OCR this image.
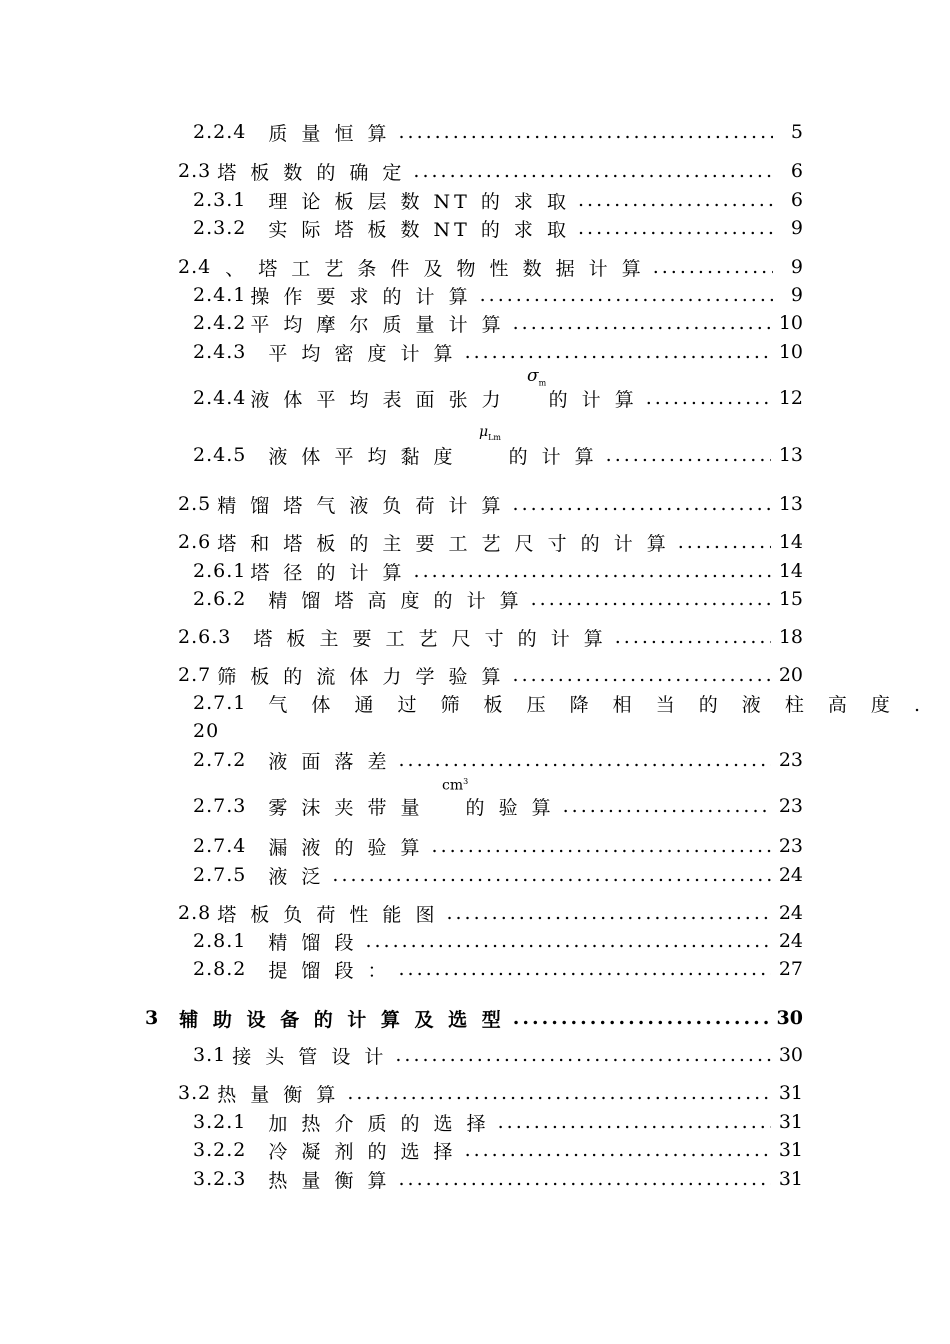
2.2.4 质 量 恒 算 .....	5
2.3 塔 板 数 的 确 定 .....	6
2.3.1 理 论 板 层 数 NT 的 求 取 .....	6
2.3.2 实 际 塔 板 数 NT 的 求 取 .....	9
2.4 、 塔 工 艺 条 件 及 物 性 数 据 计 算 .....	9
2.4.1 操 作 要 求 的 计 算 .....	9
2.4.2 平 均 摩 尔 质 量 计 算 .....	10
2.4.3 平 均 密 度 计 算 .....	10
$\sigma_m$
2.4.4 液 体 平 均 表 面 张 力 的 计 算 .....	12
$\mu_{Lm}$
2.4.5 液 体 平 均 黏 度	的 计 算 .....	13
2.5 精 馏 塔 气 液 负 荷 计 算 .....	13
2.6 塔 和 塔 板 的 主 要 工 艺 尺 寸 的 计 算 .....	14
2.6.1 塔 径 的 计 算 .....	14
2.6.2 精 馏 塔 高 度 的 计 算 .....	15
2.6.3 塔 板 主 要 工 艺 尺 寸 的 计 算 .....	18
2.7 筛 板 的 流 体 力 学 验 算 .....	20
2.7.1 气 体 通 过 筛 板 压 降 相 当 的 液 柱 高 度 .
20
2.7.2 液 面 落 差 .....	23
$cm^3$
2.7.3 雾 沫 夹 带 量 的 验 算 .....	23
2.7.4 漏 液 的 验 算 .....	23
2.7.5 液 泛 .....	24
2.8 塔 板 负 荷 性 能 图 .....	24
2.8.1 精 馏 段 .....	24
2.8.2 提 馏 段 ： .....	27
3 辅 助 设 备 的 计 算 及 选 型 .....	30
3.1 接 头 管 设 计 .....	30
3.2 热 量 衡 算 .....	31
3.2.1 加 热 介 质 的 选 择 .....	31
3.2.2 冷 凝 剂 的 选 择 .....	31
3.2.3 热 量 衡 算 .....	31
